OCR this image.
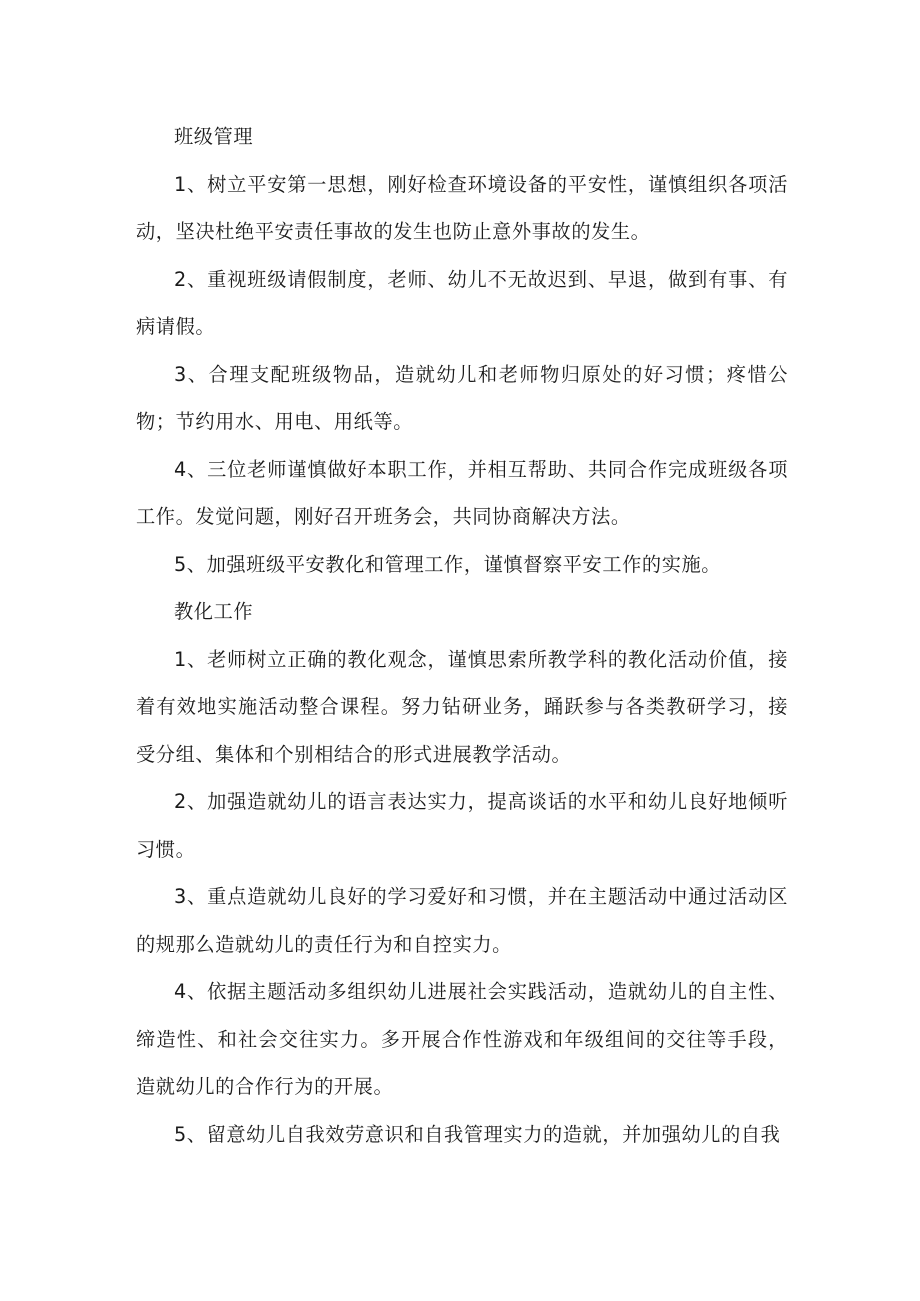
班级管理

1、树立平安第一思想，刚好检查环境设备的平安性，谨慎组织各项活动，坚决杜绝平安责任事故的发生也防止意外事故的发生。

2、重视班级请假制度，老师、幼儿不无故迟到、早退，做到有事、有病请假。

3、合理支配班级物品，造就幼儿和老师物归原处的好习惯；疼惜公物；节约用水、用电、用纸等。

4、三位老师谨慎做好本职工作，并相互帮助、共同合作完成班级各项工作。发觉问题，刚好召开班务会，共同协商解决方法。

5、加强班级平安教化和管理工作，谨慎督察平安工作的实施。

教化工作

1、老师树立正确的教化观念，谨慎思索所教学科的教化活动价值，接着有效地实施活动整合课程。努力钻研业务，踊跃参与各类教研学习，接受分组、集体和个别相结合的形式进展教学活动。

2、加强造就幼儿的语言表达实力，提高谈话的水平和幼儿良好地倾听习惯。

3、重点造就幼儿良好的学习爱好和习惯，并在主题活动中通过活动区的规那么造就幼儿的责任行为和自控实力。

4、依据主题活动多组织幼儿进展社会实践活动，造就幼儿的自主性、缔造性、和社会交往实力。多开展合作性游戏和年级组间的交往等手段，造就幼儿的合作行为的开展。

5、留意幼儿自我效劳意识和自我管理实力的造就，并加强幼儿的自我
